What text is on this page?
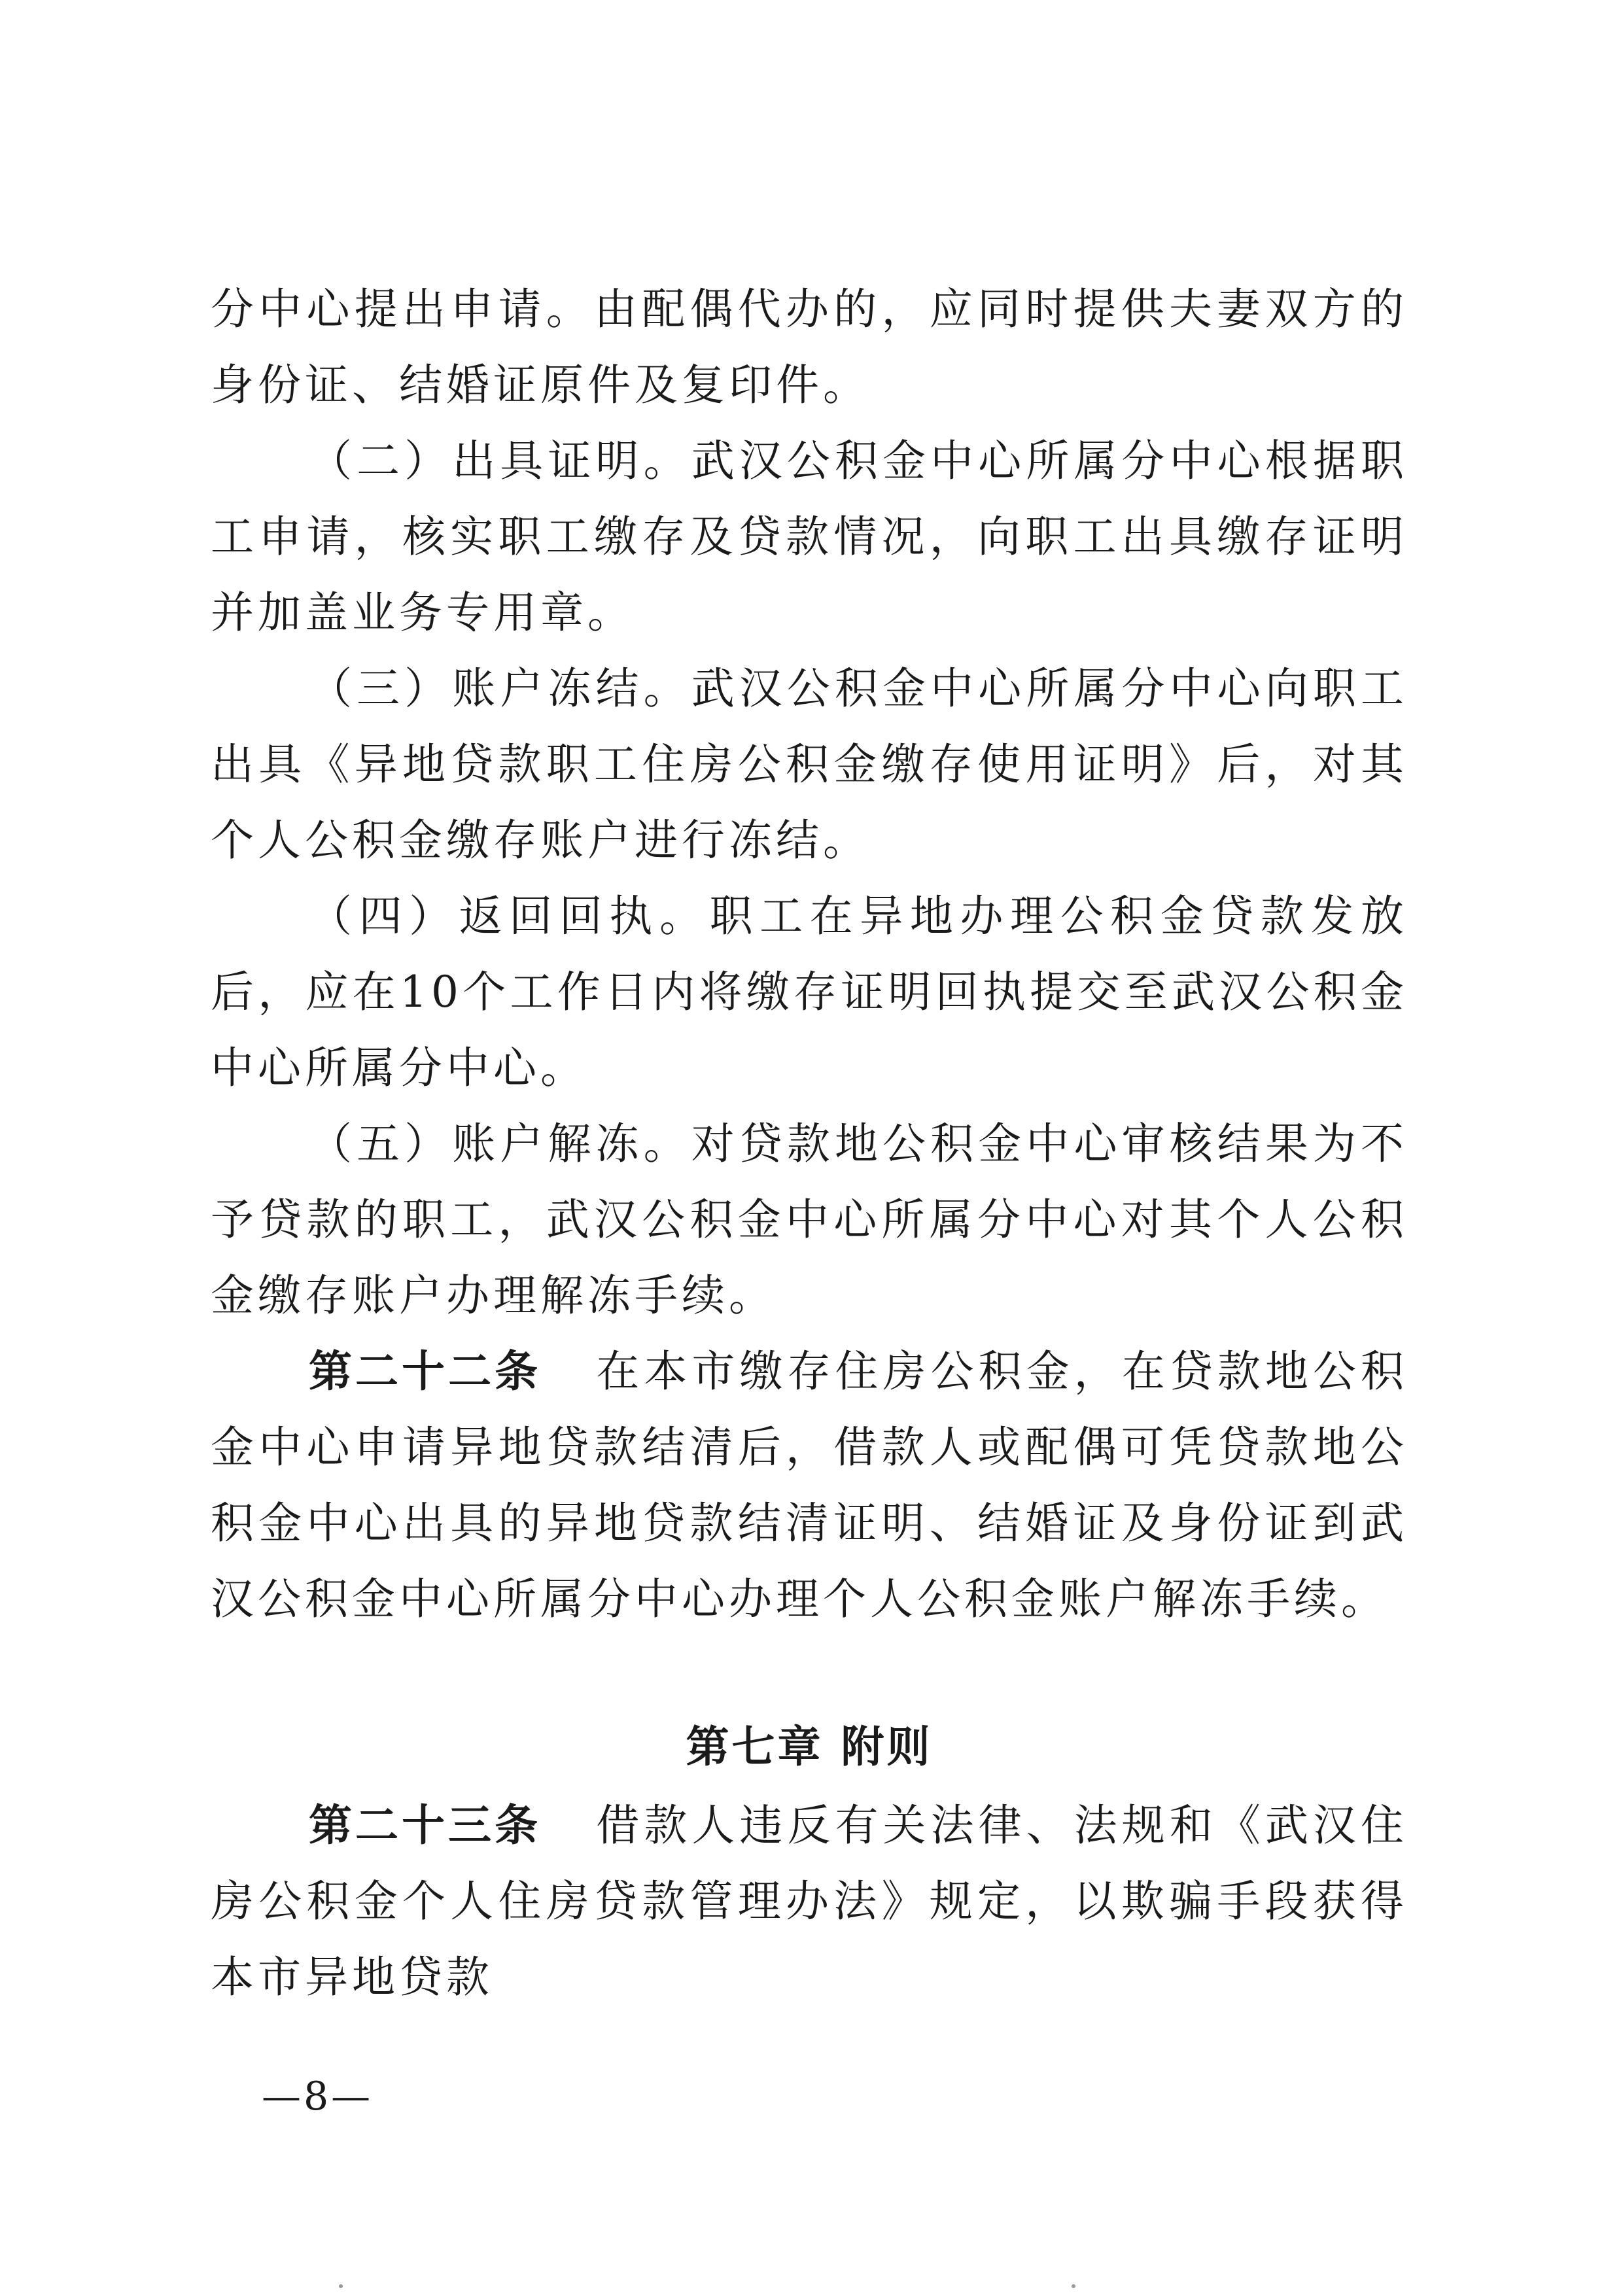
分中心提出申请。由配偶代办的，应同时提供夫妻双方的身份证、结婚证原件及复印件。

（二）出具证明。武汉公积金中心所属分中心根据职工申请，核实职工缴存及贷款情况，向职工出具缴存证明并加盖业务专用章。

（三）账户冻结。武汉公积金中心所属分中心向职工出具《异地贷款职工住房公积金缴存使用证明》后，对其个人公积金缴存账户进行冻结。

（四）返回回执。职工在异地办理公积金贷款发放后，应在10个工作日内将缴存证明回执提交至武汉公积金中心所属分中心。

（五）账户解冻。对贷款地公积金中心审核结果为不予贷款的职工，武汉公积金中心所属分中心对其个人公积金缴存账户办理解冻手续。

第二十二条 在本市缴存住房公积金，在贷款地公积金中心申请异地贷款结清后，借款人或配偶可凭贷款地公积金中心出具的异地贷款结清证明、结婚证及身份证到武汉公积金中心所属分中心办理个人公积金账户解冻手续。

第七章 附则

第二十三条 借款人违反有关法律、法规和《武汉住房公积金个人住房贷款管理办法》规定，以欺骗手段获得本市异地贷款

—8—
